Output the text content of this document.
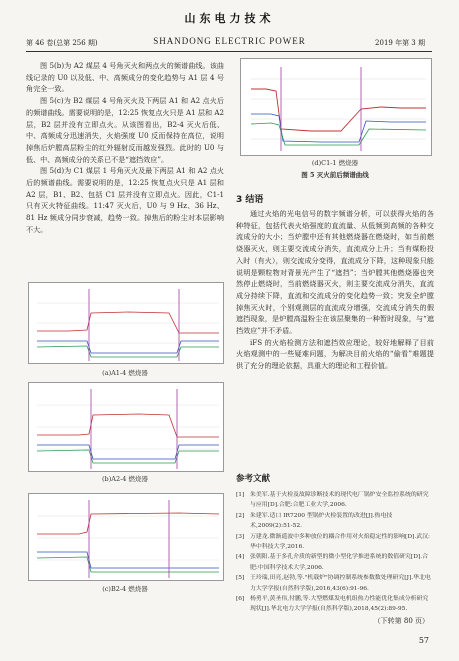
山东电力技术
第 46 卷(总第 256 期)	SHANDONG ELECTRIC POWER	2019 年第 3 期

图 5(b)为 A2 煤层 4 号角灭火和两点火的频谱曲线。该曲线记录的 U0 以及低、中、高频成分的变化趋势与 A1 层 4 号角完全一致。

图 5(c)为 B2 煤层 4 号角灭火及下两层 A1 和 A2 点火后的频谱曲线。需要说明的是，12:25 恢复点火只是 A1 层和 A2 层，B2 层并没有立即点火。从该图看出，B2-4 灭火后低、中、高频成分迅速消失，火焰强度 U0 反而保持在高位，说明掉焦后炉膛高层粉尘的红外辐射反而越发强烈。此时的 U0 与低、中、高频成分的关系已不是“遮挡效应”。

图 5(d)为 C1 煤层 1 号角灭火及最下两层 A1 和 A2 点火后的频谱曲线。需要说明的是，12:25 恢复点火只是 A1 层和 A2 层，B1、B2、包括 C1 层并没有立即点火。因此，C1-1 只有灭火特征曲线。11:47 灭火后，U0 与 9 Hz、36 Hz、81 Hz 频成分同步衰减，趋势一致。掉焦后的粉尘对本层影响不大。

(d)C1-1 燃烧器
图 5 灭火前后频谱曲线
3 结语

通过火焰的光电信号的数字频谱分析，可以获得火焰的各种特征，包括代表火焰强度的直流量、从低频到高频的各种交流成分的大小；当炉膛中还有其他燃烧器在燃烧时，如当前燃烧器灭火，则主要交流成分消失，直流成分上升；当有煤粉投入时（有火），则交流成分变得，直流成分下降，这种现象只能说明是颗粒物对背景光产生了“遮挡”；当炉膛其他燃烧器也突然停止燃烧时，当前燃烧器灭火，则主要交流成分消失，直流成分持续下降，直流和交流成分的变化趋势一致；突发全炉膛掉焦灭火时，个别观测层的直流成分增强，交流成分消失的假遮挡现象，是炉膛高温粉尘在该层聚集的一种暂时现象，与“遮挡效应”并不矛盾。

iFS 的火焰检测方法和遮挡效应理论，较好地解释了目前火焰观测中的一些疑难问题，为解决目前火焰的“偷看”难题提供了充分的理论依据，具重大的理论和工程价值。

(a)A1-4 燃烧器
(b)A2-4 燃烧器
(c)B2-4 燃烧器
参考文献
[1] 朱美军.基于火检及故障诊断技术的现代电厂锅炉安全监控系统的研究与应用[D].合肥:合肥工业大学,2006.
[2] 朱建军.适口 IR7200 型锅炉火检装置的改进[J].热电技术,2009(2):51-52.
[3] 万建龙.微渐遥波中多种放位的耦合作用对火焰稳定性的影响[D].武汉:华中科技大学,2016.
[4] 张朝阳.基于多孔介质的新型的微小型化学推进系统的数值研究[D].合肥:中国科学技术大学,2006.
[5] 王玲瑞,田亮,赵勃,等."机载炉"协调控制系统参数数处理研究[J].华北电力大学学报(自然科学版),2016,43(6):91-96.
[6] 杨勇平,黄圣伟,付鹏,等.大型燃煤发电机组热力性能优化集成分析研究现状[J].华北电力大学学报(自然科学版),2018,45(2):89-95.
（下转第 80 页）
57
